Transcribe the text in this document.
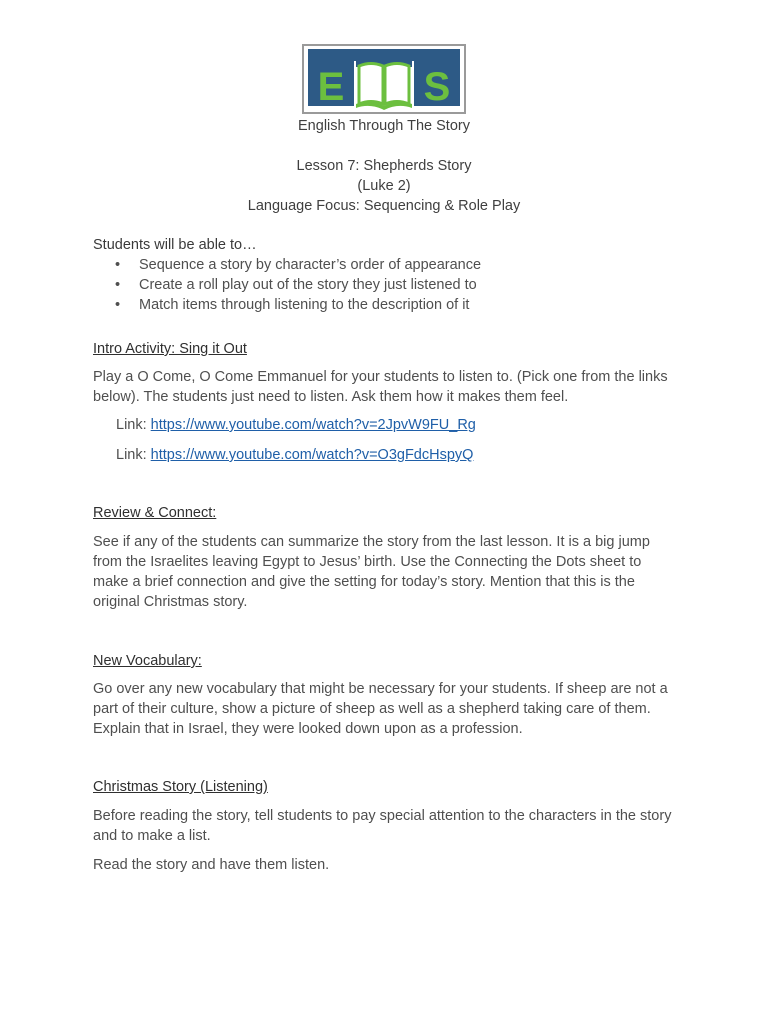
E	T S
English Through The Story
Lesson 7: Shepherds Story
(Luke 2)
Language Focus: Sequencing & Role Play
Students will be able to…
• Sequence a story by character’s order of appearance
• Create a roll play out of the story they just listened to
• Match items through listening to the description of it
Intro Activity: Sing it Out
Play a O Come, O Come Emmanuel for your students to listen to. (Pick one from the links below). The students just need to listen. Ask them how it makes them feel.
Link: https://www.youtube.com/watch?v=2JpvW9FU_Rg
Link: https://www.youtube.com/watch?v=O3gFdcHspyQ
Review & Connect:
See if any of the students can summarize the story from the last lesson. It is a big jump from the Israelites leaving Egypt to Jesus’ birth. Use the Connecting the Dots sheet to make a brief connection and give the setting for today’s story. Mention that this is the original Christmas story.
New Vocabulary:
Go over any new vocabulary that might be necessary for your students. If sheep are not a part of their culture, show a picture of sheep as well as a shepherd taking care of them. Explain that in Israel, they were looked down upon as a profession.
Christmas Story (Listening)
Before reading the story, tell students to pay special attention to the characters in the story and to make a list.
Read the story and have them listen.
